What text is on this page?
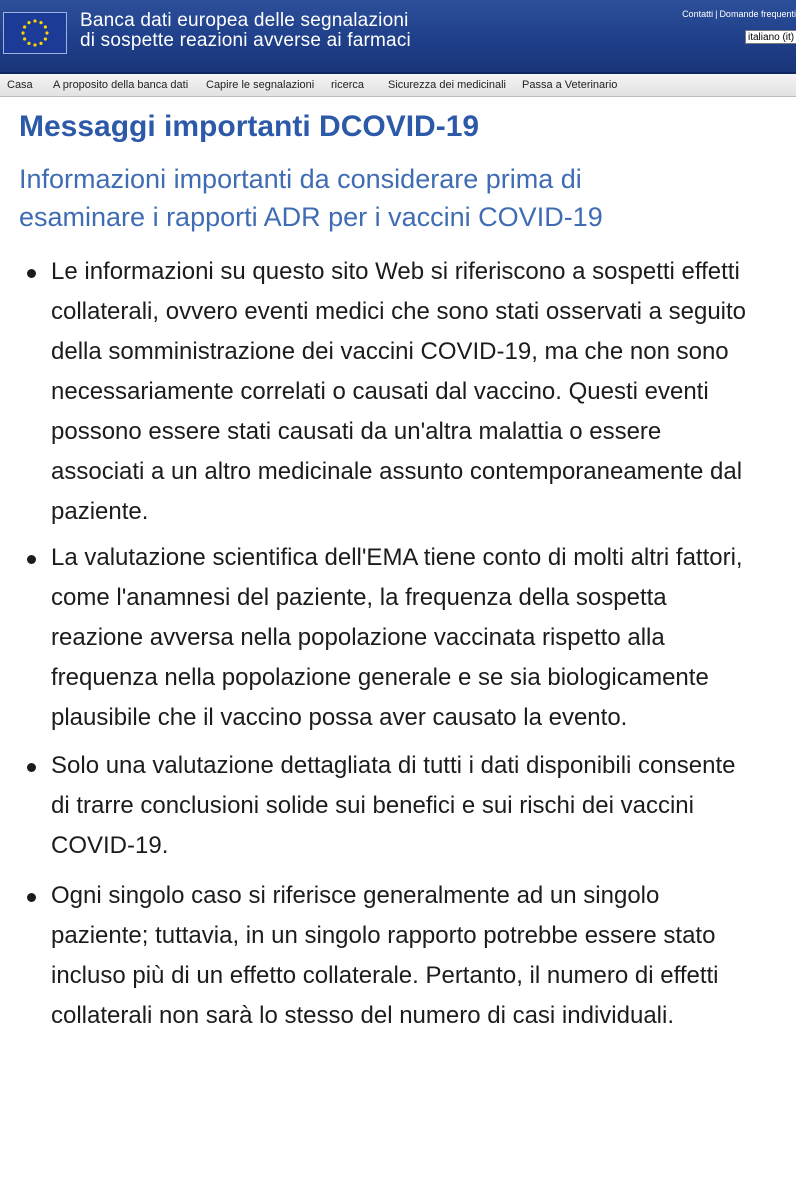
Banca dati europea delle segnalazioni
di sospette reazioni avverse ai farmaci
Contatti | Domande frequenti
italiano (it)
Casa A proposito della banca dati Capire le segnalazioni ricerca Sicurezza dei medicinali Passa a Veterinario
Messaggi importanti DCOVID-19
Informazioni importanti da considerare prima di esaminare i rapporti ADR per i vaccini COVID-19
Le informazioni su questo sito Web si riferiscono a sospetti effetti collaterali, ovvero eventi medici che sono stati osservati a seguito della somministrazione dei vaccini COVID-19, ma che non sono necessariamente correlati o causati dal vaccino. Questi eventi possono essere stati causati da un'altra malattia o essere associati a un altro medicinale assunto contemporaneamente dal paziente.
La valutazione scientifica dell'EMA tiene conto di molti altri fattori, come l'anamnesi del paziente, la frequenza della sospetta reazione avversa nella popolazione vaccinata rispetto alla frequenza nella popolazione generale e se sia biologicamente plausibile che il vaccino possa aver causato la evento.
Solo una valutazione dettagliata di tutti i dati disponibili consente di trarre conclusioni solide sui benefici e sui rischi dei vaccini COVID-19.
Ogni singolo caso si riferisce generalmente ad un singolo paziente; tuttavia, in un singolo rapporto potrebbe essere stato incluso più di un effetto collaterale. Pertanto, il numero di effetti collaterali non sarà lo stesso del numero di casi individuali.
